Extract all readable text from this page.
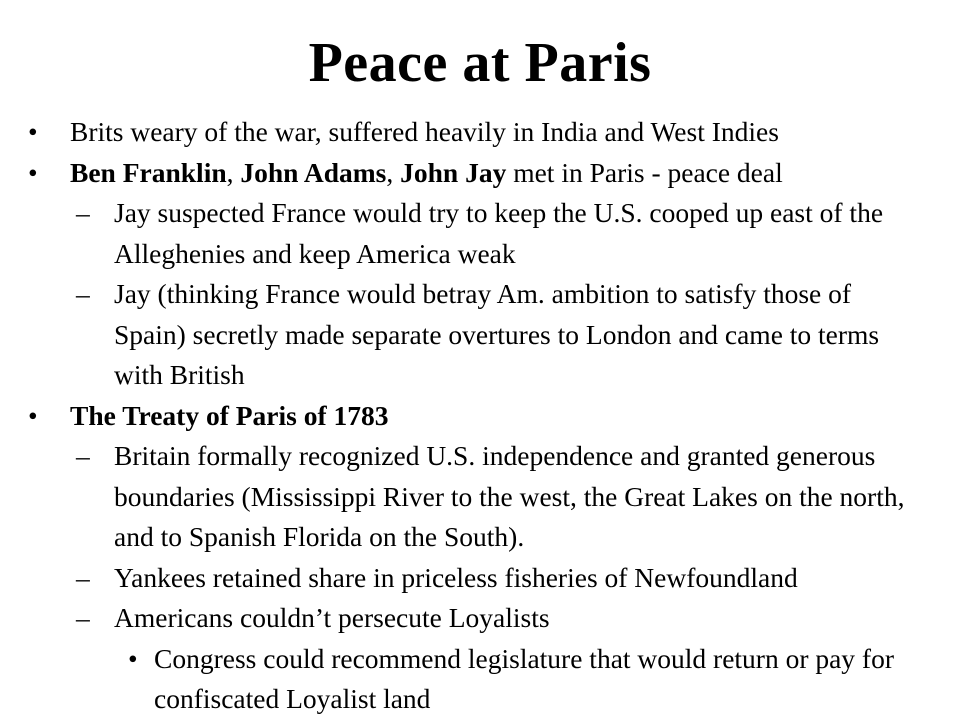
Peace at Paris
• Brits weary of the war, suffered heavily in India and West Indies
• Ben Franklin, John Adams, John Jay met in Paris - peace deal
– Jay suspected France would try to keep the U.S. cooped up east of the Alleghenies and keep America weak
– Jay (thinking France would betray Am. ambition to satisfy those of Spain) secretly made separate overtures to London and came to terms with British
• The Treaty of Paris of 1783
– Britain formally recognized U.S. independence and granted generous boundaries (Mississippi River to the west, the Great Lakes on the north, and to Spanish Florida on the South).
– Yankees retained share in priceless fisheries of Newfoundland
– Americans couldn’t persecute Loyalists
• Congress could recommend legislature that would return or pay for confiscated Loyalist land
